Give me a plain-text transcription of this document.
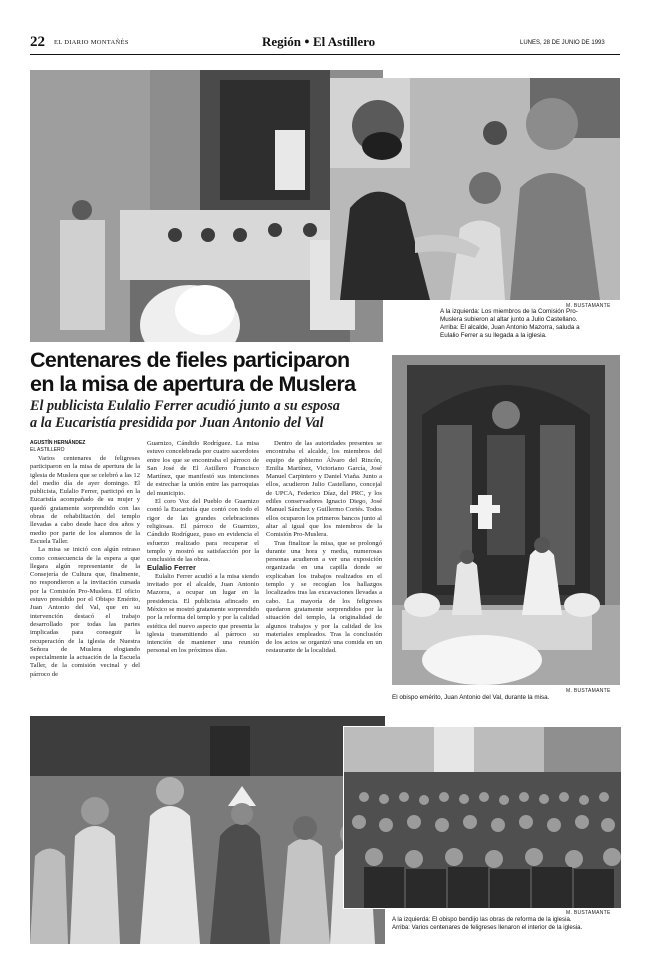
22 EL DIARIO MONTAÑÉS	Región ● El Astillero	LUNES, 28 DE JUNIO DE 1993
M. BUSTAMANTE
A la izquierda: Los miembros de la Comisión Pro-
Muslera subieron al altar junto a Julio Castellano.
Arriba: El alcalde, Juan Antonio Mazorra, saluda a
Eulalio Ferrer a su llegada a la iglesia.
Centenares de fieles participaron
en la misa de apertura de Muslera
El publicista Eulalio Ferrer acudió junto a su esposa
a la Eucaristía presidida por Juan Antonio del Val
AGUSTÍN HERNÁNDEZ
EL ASTILLERO

Varios centenares de feligreses participaron en la misa de apertura de la iglesia de Muslera que se celebró a las 12 del medio día de ayer domingo. El publicista, Eulalio Ferrer, participó en la Eucaristía acompañado de su mujer y quedó gratamente sorprendido con las obras de rehabilitación del templo llevadas a cabo desde hace dos años y medio por parte de los alumnos de la Escuela Taller.

La misa se inició con algún retraso como consecuencia de la espera a que llegara algún representante de la Consejería de Cultura que, finalmente, no respondieron a la invitación cursada por la Comisión Pro-Muslera. El oficio estuvo presidido por el Obispo Emérito, Juan Antonio del Val, que en su intervención destacó el trabajo desarrollado por todas las partes implicadas para conseguir la recuperación de la iglesia de Nuestra Señora de Muslera elogiando especialmente la actuación de la Escuela Taller, de la comisión vecinal y del párroco de

Guarnizo, Cándido Rodríguez. La misa estuvo concelebrada por cuatro sacerdotes entre los que se encontraba el párroco de San José de El Astillero Francisco Martínez, que manifestó sus intenciones de estrechar la unión entre las parroquias del municipio.

El coro Voz del Pueblo de Guarnizo contó la Eucaristía que contó con todo el rigor de las grandes celebraciones religiosas. El párroco de Guarnizo, Cándido Rodríguez, puso en evidencia el esfuerzo realizado para recuperar el templo y mostró su satisfacción por la conclusión de las obras.

Eulalio Ferrer

Eulalio Ferrer acudió a la misa siendo invitado por el alcalde, Juan Antonio Mazorra, a ocupar un lugar en la presidencia. El publicista afincado en México se mostró gratamente sorprendido por la reforma del templo y por la calidad estética del nuevo aspecto que presenta la iglesia transmitiendo al párroco su intención de mantener una reunión personal en los próximos días.

Dentro de las autoridades presentes se encontraba el alcalde, los miembros del equipo de gobierno Álvaro del Rincón, Emilia Martínez, Victoriano García, José Manuel Carpintero y Daniel Viaña. Junto a ellos, acudieron Julio Castellano, concejal de UPCA, Federico Díaz, del PRC, y los ediles conservadores Ignacio Diego, José Manuel Sánchez y Guillermo Cortés. Todos ellos ocuparon los primeros bancos junto al altar al igual que los miembros de la Comisión Pro-Muslera.

Tras finalizar la misa, que se prolongó durante una hora y media, numerosas personas acudieron a ver una exposición organizada en una capilla donde se explicaban los trabajos realizados en el templo y se recogían los hallazgos localizados tras las excavaciones llevadas a cabo. La mayoría de los feligreses quedaron gratamente sorprendidos por la situación del templo, la originalidad de algunos trabajos y por la calidad de los materiales empleados. Tras la conclusión de los actos se organizó una comida en un restaurante de la localidad.

M. BUSTAMANTE
El obispo emérito, Juan Antonio del Val, durante la misa.
M. BUSTAMANTE
A la izquierda: El obispo bendijo las obras de reforma de la iglesia.
Arriba: Varios centenares de feligreses llenaron el interior de la iglesia.
